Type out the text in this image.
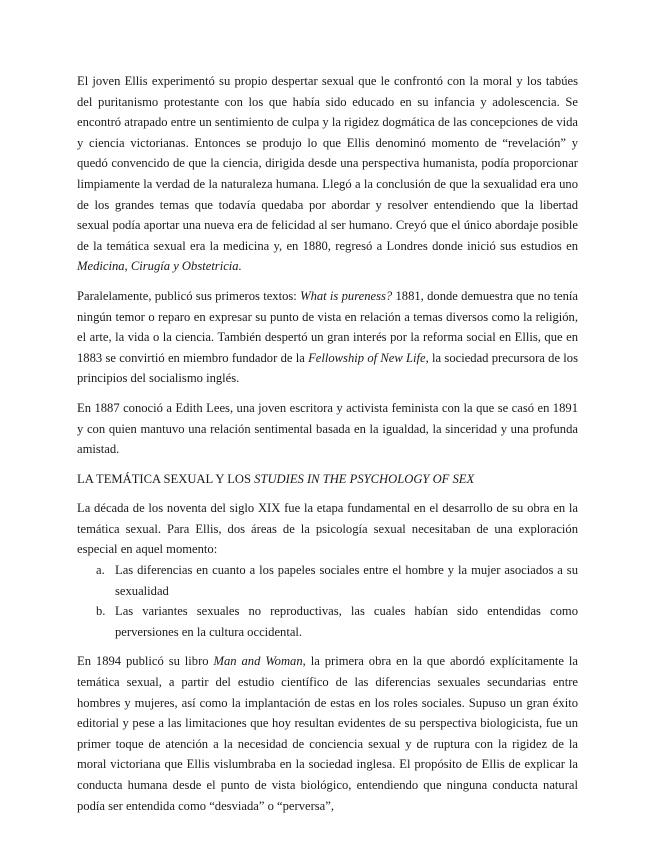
El joven Ellis experimentó su propio despertar sexual que le confrontó con la moral y los tabúes del puritanismo protestante con los que había sido educado en su infancia y adolescencia. Se encontró atrapado entre un sentimiento de culpa y la rigidez dogmática de las concepciones de vida y ciencia victorianas. Entonces se produjo lo que Ellis denominó momento de “revelación” y quedó convencido de que la ciencia, dirigida desde una perspectiva humanista, podía proporcionar limpiamente la verdad de la naturaleza humana. Llegó a la conclusión de que la sexualidad era uno de los grandes temas que todavía quedaba por abordar y resolver entendiendo que la libertad sexual podía aportar una nueva era de felicidad al ser humano. Creyó que el único abordaje posible de la temática sexual era la medicina y, en 1880, regresó a Londres donde inició sus estudios en Medicina, Cirugía y Obstetricia.

Paralelamente, publicó sus primeros textos: What is pureness? 1881, donde demuestra que no tenía ningún temor o reparo en expresar su punto de vista en relación a temas diversos como la religión, el arte, la vida o la ciencia. También despertó un gran interés por la reforma social en Ellis, que en 1883 se convirtió en miembro fundador de la Fellowship of New Life, la sociedad precursora de los principios del socialismo inglés.

En 1887 conoció a Edith Lees, una joven escritora y activista feminista con la que se casó en 1891 y con quien mantuvo una relación sentimental basada en la igualdad, la sinceridad y una profunda amistad.

LA TEMÁTICA SEXUAL Y LOS STUDIES IN THE PSYCHOLOGY OF SEX

La década de los noventa del siglo XIX fue la etapa fundamental en el desarrollo de su obra en la temática sexual. Para Ellis, dos áreas de la psicología sexual necesitaban de una exploración especial en aquel momento:

a. Las diferencias en cuanto a los papeles sociales entre el hombre y la mujer asociados a su sexualidad
b. Las variantes sexuales no reproductivas, las cuales habían sido entendidas como perversiones en la cultura occidental.

En 1894 publicó su libro Man and Woman, la primera obra en la que abordó explícitamente la temática sexual, a partir del estudio científico de las diferencias sexuales secundarias entre hombres y mujeres, así como la implantación de estas en los roles sociales. Supuso un gran éxito editorial y pese a las limitaciones que hoy resultan evidentes de su perspectiva biologicista, fue un primer toque de atención a la necesidad de conciencia sexual y de ruptura con la rigidez de la moral victoriana que Ellis vislumbraba en la sociedad inglesa. El propósito de Ellis de explicar la conducta humana desde el punto de vista biológico, entendiendo que ninguna conducta natural podía ser entendida como “desviada” o “perversa”,
